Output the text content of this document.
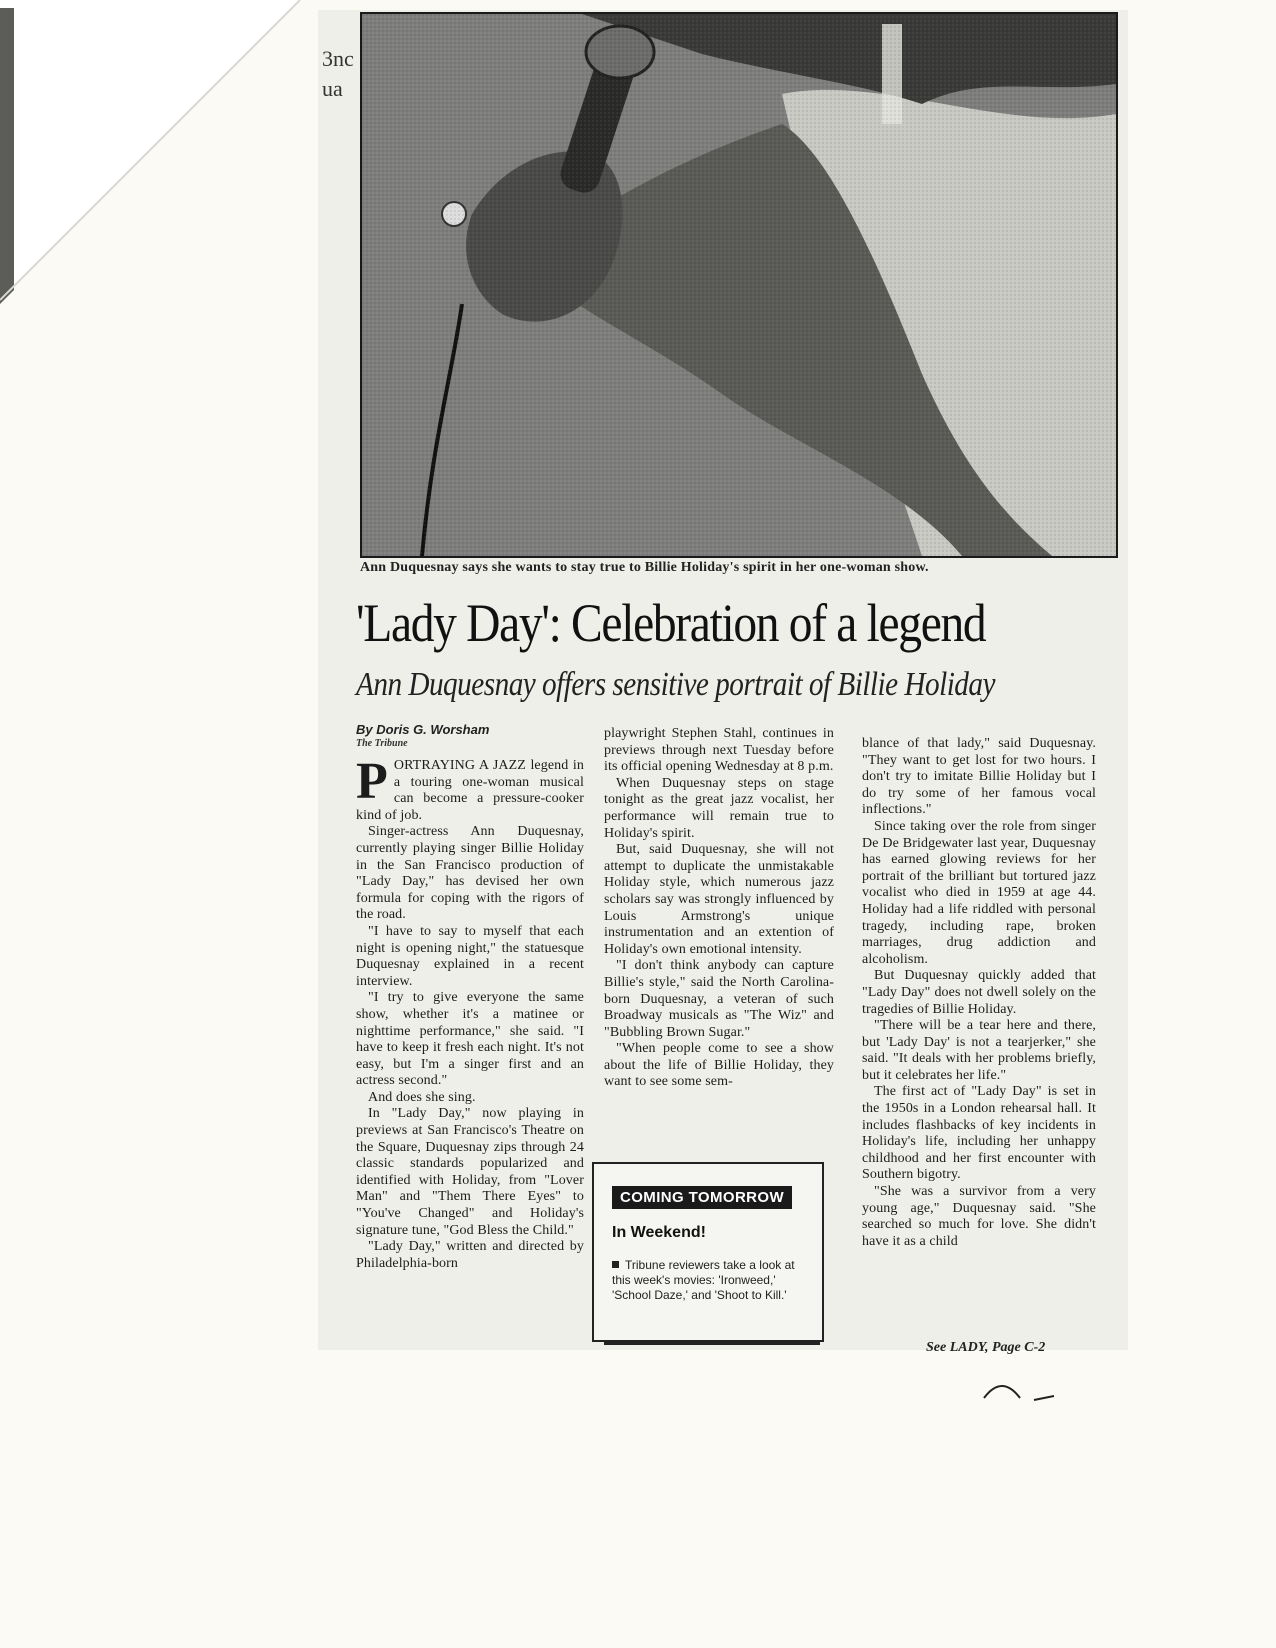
3nc
ua
Ann Duquesnay says she wants to stay true to Billie Holiday's spirit in her one-woman show.
'Lady Day': Celebration of a legend
Ann Duquesnay offers sensitive portrait of Billie Holiday
By Doris G. Worsham
The Tribune
P ORTRAYING A JAZZ legend in a touring one-woman musical can become a pressure-cooker kind of job.

Singer-actress Ann Duquesnay, currently playing singer Billie Holiday in the San Francisco production of "Lady Day," has devised her own formula for coping with the rigors of the road.

"I have to say to myself that each night is opening night," the statuesque Duquesnay explained in a recent interview.

"I try to give everyone the same show, whether it's a matinee or nighttime performance," she said. "I have to keep it fresh each night. It's not easy, but I'm a singer first and an actress second."

And does she sing.

In "Lady Day," now playing in previews at San Francisco's Theatre on the Square, Duquesnay zips through 24 classic standards popularized and identified with Holiday, from "Lover Man" and "Them There Eyes" to "You've Changed" and Holiday's signature tune, "God Bless the Child."

"Lady Day," written and directed by Philadelphia-born

playwright Stephen Stahl, continues in previews through next Tuesday before its official opening Wednesday at 8 p.m.

When Duquesnay steps on stage tonight as the great jazz vocalist, her performance will remain true to Holiday's spirit.

But, said Duquesnay, she will not attempt to duplicate the unmistakable Holiday style, which numerous jazz scholars say was strongly influenced by Louis Armstrong's unique instrumentation and an extention of Holiday's own emotional intensity.

"I don't think anybody can capture Billie's style," said the North Carolina-born Duquesnay, a veteran of such Broadway musicals as "The Wiz" and "Bubbling Brown Sugar."

"When people come to see a show about the life of Billie Holiday, they want to see some sem-

blance of that lady," said Duquesnay. "They want to get lost for two hours. I don't try to imitate Billie Holiday but I do try some of her famous vocal inflections."

Since taking over the role from singer De De Bridgewater last year, Duquesnay has earned glowing reviews for her portrait of the brilliant but tortured jazz vocalist who died in 1959 at age 44. Holiday had a life riddled with personal tragedy, including rape, broken marriages, drug addiction and alcoholism.

But Duquesnay quickly added that "Lady Day" does not dwell solely on the tragedies of Billie Holiday.

"There will be a tear here and there, but 'Lady Day' is not a tearjerker," she said. "It deals with her problems briefly, but it celebrates her life."

The first act of "Lady Day" is set in the 1950s in a London rehearsal hall. It includes flashbacks of key incidents in Holiday's life, including her unhappy childhood and her first encounter with Southern bigotry.

"She was a survivor from a very young age," Duquesnay said. "She searched so much for love. She didn't have it as a child

COMING TOMORROW
In Weekend!
Tribune reviewers take a look at this week's movies: 'Ironweed,' 'School Daze,' and 'Shoot to Kill.'
See LADY, Page C-2
